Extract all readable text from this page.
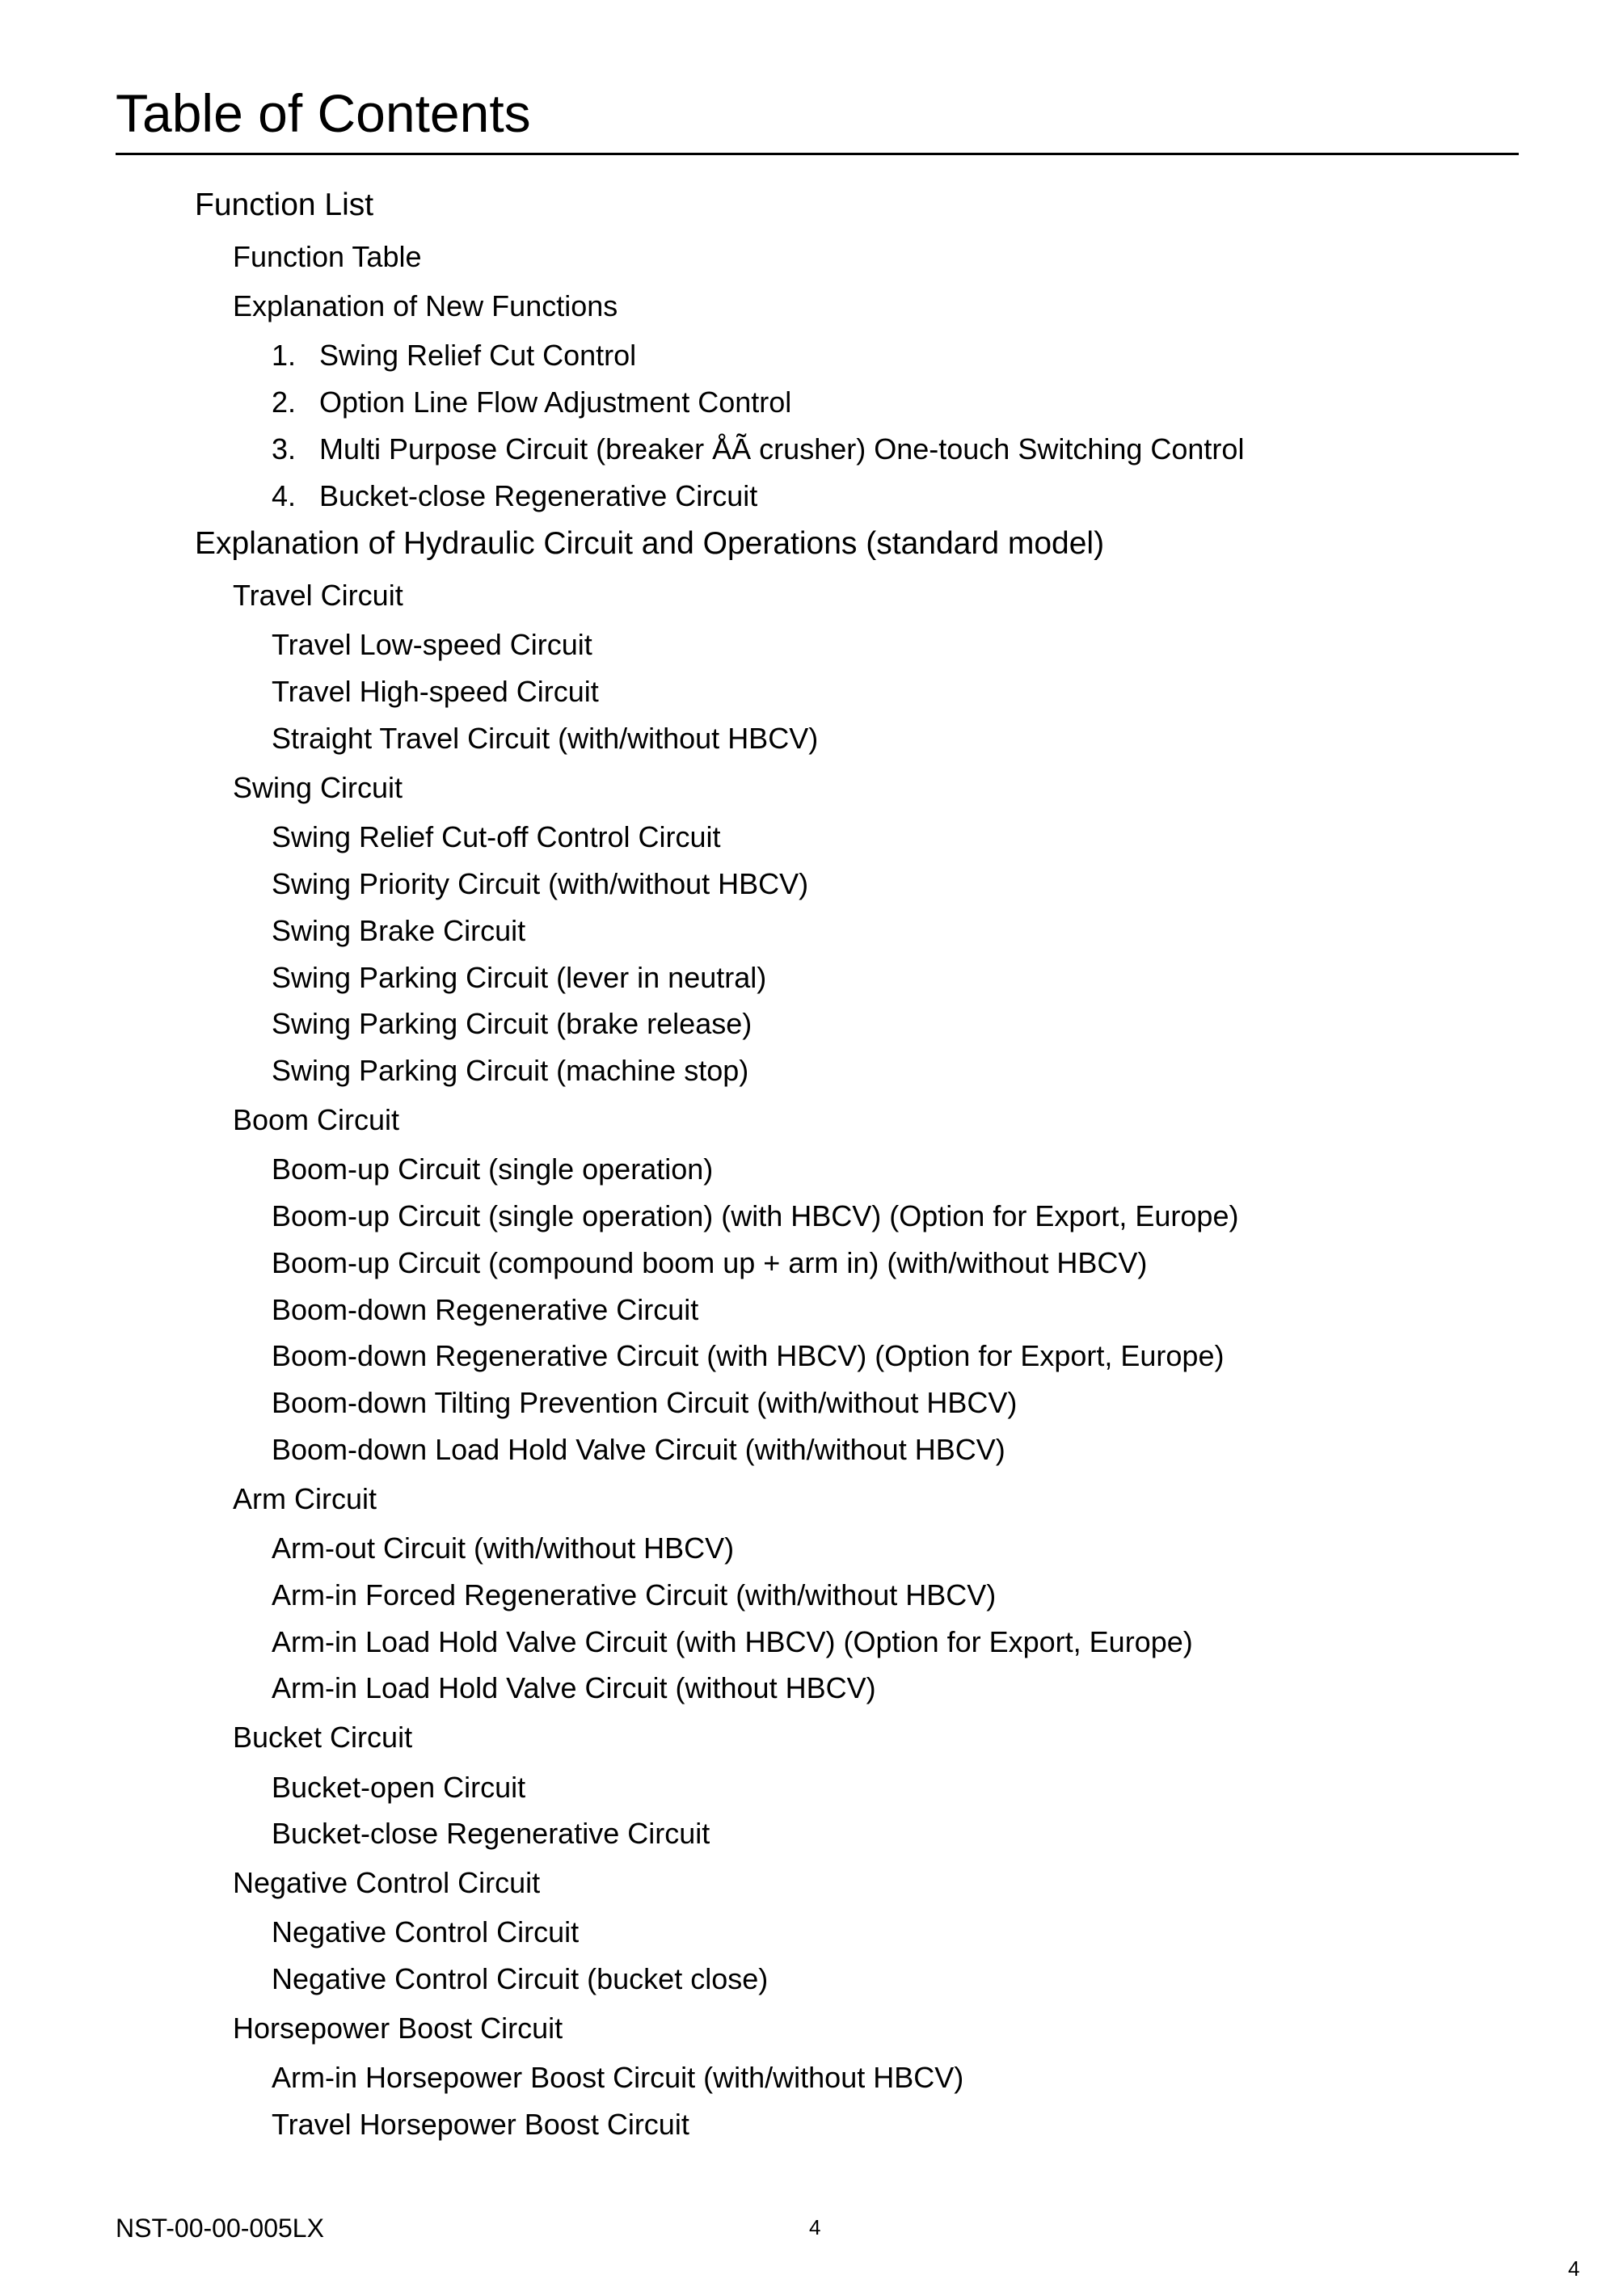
Table of Contents
Function List
Function Table
Explanation of New Functions
1. Swing Relief Cut Control
2. Option Line Flow Adjustment Control
3. Multi Purpose Circuit (breaker ÅÃ crusher) One-touch Switching Control
4. Bucket-close Regenerative Circuit
Explanation of Hydraulic Circuit and Operations (standard model)
Travel Circuit
Travel Low-speed Circuit
Travel High-speed Circuit
Straight Travel Circuit (with/without HBCV)
Swing Circuit
Swing Relief Cut-off Control Circuit
Swing Priority Circuit (with/without HBCV)
Swing Brake Circuit
Swing Parking Circuit (lever in neutral)
Swing Parking Circuit (brake release)
Swing Parking Circuit (machine stop)
Boom Circuit
Boom-up Circuit (single operation)
Boom-up Circuit (single operation) (with HBCV) (Option for Export, Europe)
Boom-up Circuit (compound boom up + arm in) (with/without HBCV)
Boom-down Regenerative Circuit
Boom-down Regenerative Circuit (with HBCV) (Option for Export, Europe)
Boom-down Tilting Prevention Circuit (with/without HBCV)
Boom-down Load Hold Valve Circuit (with/without HBCV)
Arm Circuit
Arm-out Circuit (with/without HBCV)
Arm-in Forced Regenerative Circuit (with/without HBCV)
Arm-in Load Hold Valve Circuit (with HBCV) (Option for Export, Europe)
Arm-in Load Hold Valve Circuit (without HBCV)
Bucket Circuit
Bucket-open Circuit
Bucket-close Regenerative Circuit
Negative Control Circuit
Negative Control Circuit
Negative Control Circuit (bucket close)
Horsepower Boost Circuit
Arm-in Horsepower Boost Circuit (with/without HBCV)
Travel Horsepower Boost Circuit
NST-00-00-005LX	4
4
